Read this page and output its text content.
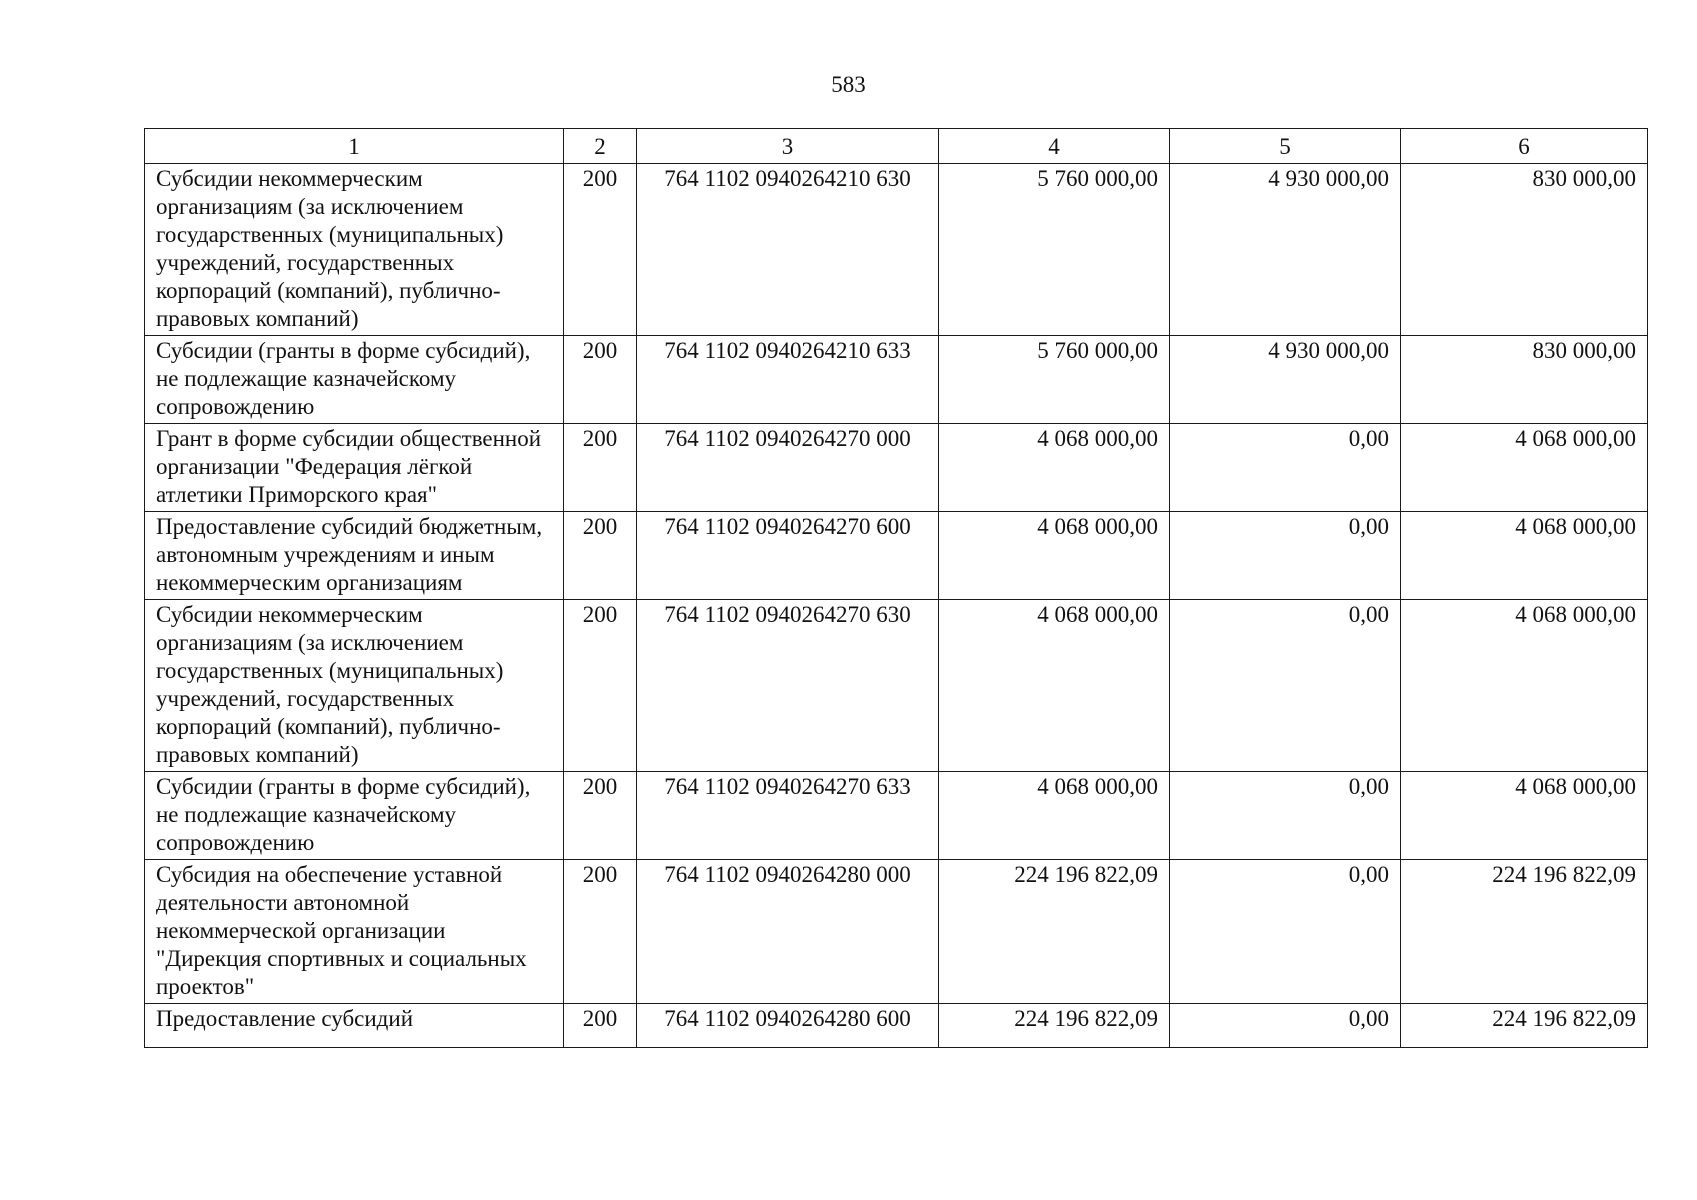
583
1	2	3	4	5	6
Субсидии некоммерческим организациям (за исключением государственных (муниципальных) учреждений, государственных корпораций (компаний), публично-правовых компаний)	200	764 1102 0940264210 630	5 760 000,00	4 930 000,00	830 000,00
Субсидии (гранты в форме субсидий), не подлежащие казначейскому сопровождению	200	764 1102 0940264210 633	5 760 000,00	4 930 000,00	830 000,00
Грант в форме субсидии общественной организации "Федерация лёгкой атлетики Приморского края"	200	764 1102 0940264270 000	4 068 000,00	0,00	4 068 000,00
Предоставление субсидий бюджетным, автономным учреждениям и иным некоммерческим организациям	200	764 1102 0940264270 600	4 068 000,00	0,00	4 068 000,00
Субсидии некоммерческим организациям (за исключением государственных (муниципальных) учреждений, государственных корпораций (компаний), публично-правовых компаний)	200	764 1102 0940264270 630	4 068 000,00	0,00	4 068 000,00
Субсидии (гранты в форме субсидий), не подлежащие казначейскому сопровождению	200	764 1102 0940264270 633	4 068 000,00	0,00	4 068 000,00
Субсидия на обеспечение уставной деятельности автономной некоммерческой организации "Дирекция спортивных и социальных проектов"	200	764 1102 0940264280 000	224 196 822,09	0,00	224 196 822,09
Предоставление субсидий	200	764 1102 0940264280 600	224 196 822,09	0,00	224 196 822,09
